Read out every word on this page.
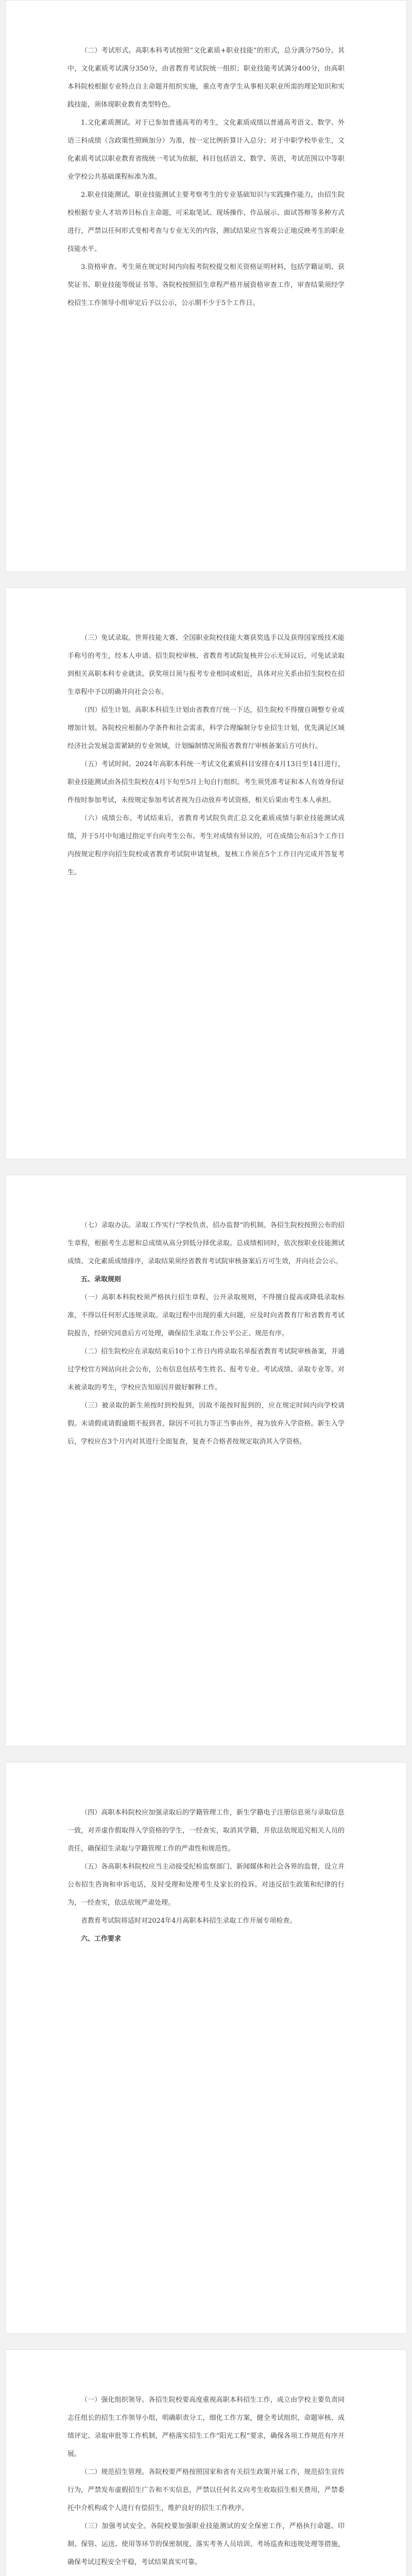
（二）考试形式。高职本科考试按照“文化素质+职业技能”的形式，总分满分750分。其中，文化素质考试满分350分，由省教育考试院统一组织；职业技能考试满分400分，由高职本科院校根据专业特点自主命题并组织实施，重点考查学生从事相关职业所需的理论知识和实践技能，须体现职业教育类型特色。

1.文化素质测试。对于已参加普通高考的考生，文化素质成绩以普通高考语文、数学、外语三科成绩（含政策性照顾加分）为准，按一定比例折算计入总分；对于中职学校毕业生，文化素质考试以职业教育省级统一考试为依据，科目包括语文、数学、英语，考试范围以中等职业学校公共基础课程标准为准。

2.职业技能测试。职业技能测试主要考察考生的专业基础知识与实践操作能力，由招生院校根据专业人才培养目标自主命题，可采取笔试、现场操作、作品展示、面试答辩等多种方式进行，严禁以任何形式变相考查与专业无关的内容，测试结果应当客观公正地反映考生的职业技能水平。

3.资格审查。考生须在规定时间内向报考院校提交相关资格证明材料，包括学籍证明、获奖证书、职业技能等级证书等。各院校按照招生章程严格开展资格审查工作，审查结果须经学校招生工作领导小组审定后予以公示，公示期不少于5个工作日。

（三）免试录取。世界技能大赛、全国职业院校技能大赛获奖选手以及获得国家级技术能手称号的考生，经本人申请、招生院校审核、省教育考试院复核并公示无异议后，可免试录取到相关高职本科专业就读。获奖项目须与报考专业相同或相近，具体对应关系由招生院校在招生章程中予以明确并向社会公布。

（四）招生计划。高职本科招生计划由省教育厅统一下达，招生院校不得擅自调整专业或增加计划。各院校应根据办学条件和社会需求，科学合理编制分专业招生计划，优先满足区域经济社会发展急需紧缺的专业领域，计划编制情况须报省教育厅审核备案后方可执行。

（五）考试时间。2024年高职本科统一考试文化素质科目安排在4月13日至14日进行，职业技能测试由各招生院校在4月下旬至5月上旬自行组织。考生须凭准考证和本人有效身份证件按时参加考试，未按规定参加考试者视为自动放弃考试资格，相关后果由考生本人承担。

（六）成绩公布。考试结束后，省教育考试院负责汇总文化素质成绩与职业技能测试成绩，并于5月中旬通过指定平台向考生公布。考生对成绩有异议的，可在成绩公布后3个工作日内按规定程序向招生院校或省教育考试院申请复核，复核工作须在5个工作日内完成并答复考生。

（七）录取办法。录取工作实行“学校负责、招办监督”的机制。各招生院校按照公布的招生章程，根据考生志愿和总成绩从高分到低分择优录取。总成绩相同时，依次按职业技能测试成绩、文化素质成绩排序，录取结果须经省教育考试院审核备案后方可生效，并向社会公示。

五、录取规则

（一）高职本科院校须严格执行招生章程，公开录取规则，不得擅自提高或降低录取标准，不得以任何形式违规录取。录取过程中出现的重大问题，应及时向省教育厅和省教育考试院报告，经研究同意后方可处理，确保招生录取工作公平公正、规范有序。

（二）招生院校应在录取结束后10个工作日内将录取名单报省教育考试院审核备案，并通过学校官方网站向社会公布，公布信息包括考生姓名、报考专业、考试成绩、录取专业等。对未被录取的考生，学校应告知原因并做好解释工作。

（三）被录取的新生须按时到校报到，因故不能按时报到的，应在规定时间内向学校请假。未请假或请假逾期不报到者，除因不可抗力等正当事由外，视为放弃入学资格。新生入学后，学校应在3个月内对其进行全面复查，复查不合格者按规定取消其入学资格。

（四）高职本科院校应加强录取后的学籍管理工作，新生学籍电子注册信息须与录取信息一致，对弄虚作假取得入学资格的学生，一经查实，取消其学籍，并依法依规追究相关人员的责任，确保招生录取与学籍管理工作的严肃性和规范性。

（五）各高职本科院校应当主动接受纪检监察部门、新闻媒体和社会各界的监督，设立并公布招生咨询和申诉电话，及时受理和处理考生及家长的投诉。对违反招生政策和纪律的行为，一经查实，依法依规严肃处理。

省教育考试院将适时对2024年4月高职本科招生录取工作开展专项检查。

六、工作要求

（一）强化组织领导。各招生院校要高度重视高职本科招生工作，成立由学校主要负责同志任组长的招生工作领导小组，明确职责分工，细化工作方案，健全考试组织、命题审核、成绩评定、录取审批等工作机制，严格落实招生工作“阳光工程”要求，确保各项工作规范有序开展。

（二）规范招生管理。各院校要严格按照国家和省有关招生政策开展工作，规范招生宣传行为，严禁发布虚假招生广告和不实信息，严禁以任何名义向考生收取招生相关费用，严禁委托中介机构或个人进行有偿招生，维护良好的招生工作秩序。

（三）加强考试安全。各院校要加强职业技能测试的安全保密工作，严格执行命题、印制、保管、运送、使用等环节的保密制度，落实考务人员培训、考场巡查和违规处理等措施，确保考试过程安全平稳，考试结果真实可靠。
